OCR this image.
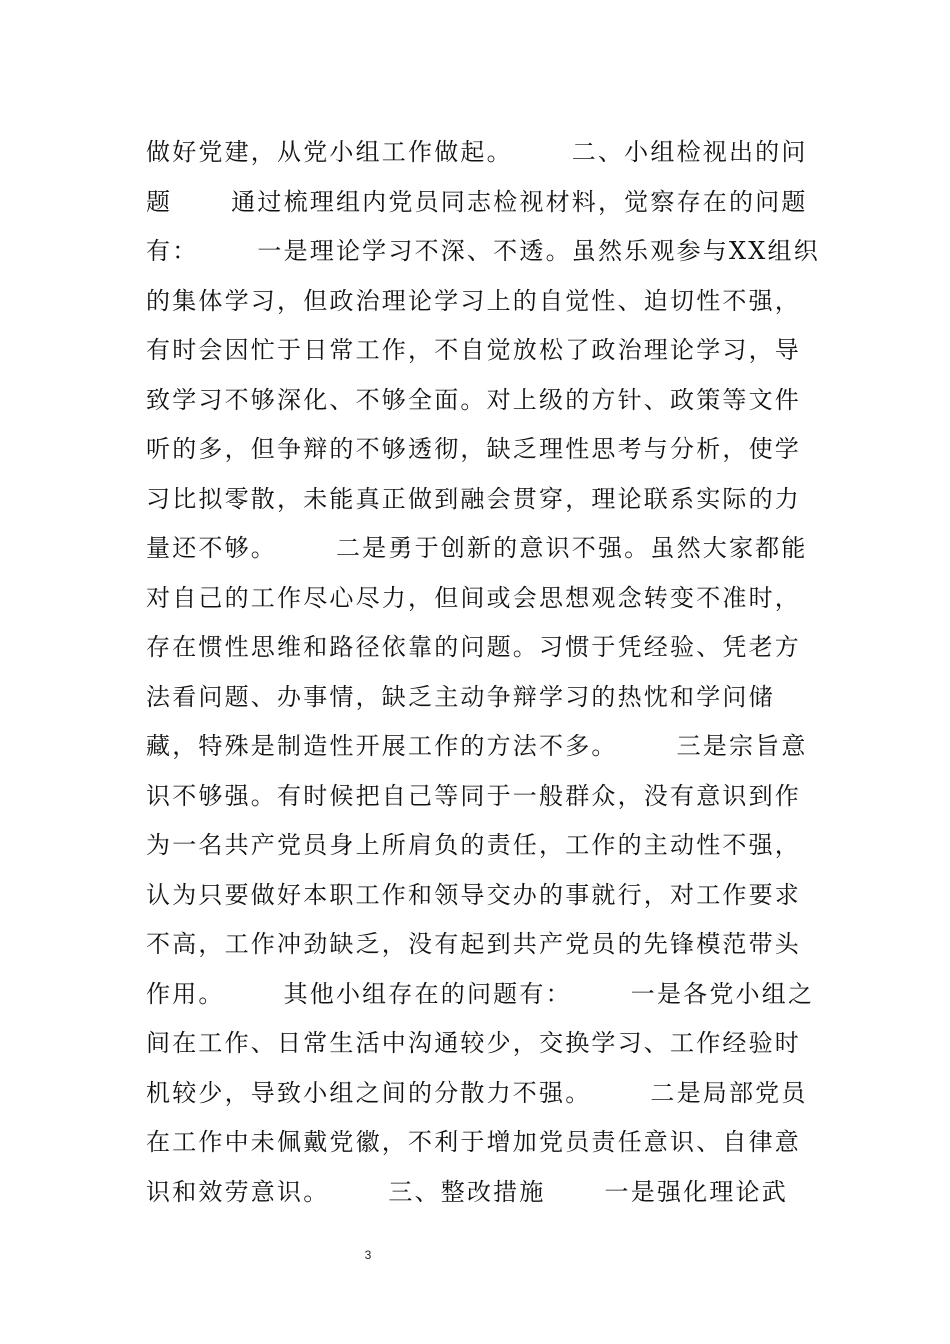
做好党建，从党小组工作做起。      二、小组检视出的问
题      通过梳理组内党员同志检视材料，觉察存在的问题
有：      一是理论学习不深、不透。虽然乐观参与XX组织
的集体学习，但政治理论学习上的自觉性、迫切性不强，
有时会因忙于日常工作，不自觉放松了政治理论学习，导
致学习不够深化、不够全面。对上级的方针、政策等文件
听的多，但争辩的不够透彻，缺乏理性思考与分析，使学
习比拟零散，未能真正做到融会贯穿，理论联系实际的力
量还不够。      二是勇于创新的意识不强。虽然大家都能
对自己的工作尽心尽力，但间或会思想观念转变不准时，
存在惯性思维和路径依靠的问题。习惯于凭经验、凭老方
法看问题、办事情，缺乏主动争辩学习的热忱和学问储
藏，特殊是制造性开展工作的方法不多。      三是宗旨意
识不够强。有时候把自己等同于一般群众，没有意识到作
为一名共产党员身上所肩负的责任，工作的主动性不强，
认为只要做好本职工作和领导交办的事就行，对工作要求
不高，工作冲劲缺乏，没有起到共产党员的先锋模范带头
作用。      其他小组存在的问题有：      一是各党小组之
间在工作、日常生活中沟通较少，交换学习、工作经验时
机较少，导致小组之间的分散力不强。      二是局部党员
在工作中未佩戴党徽，不利于增加党员责任意识、自律意
识和效劳意识。      三、整改措施      一是强化理论武
3
